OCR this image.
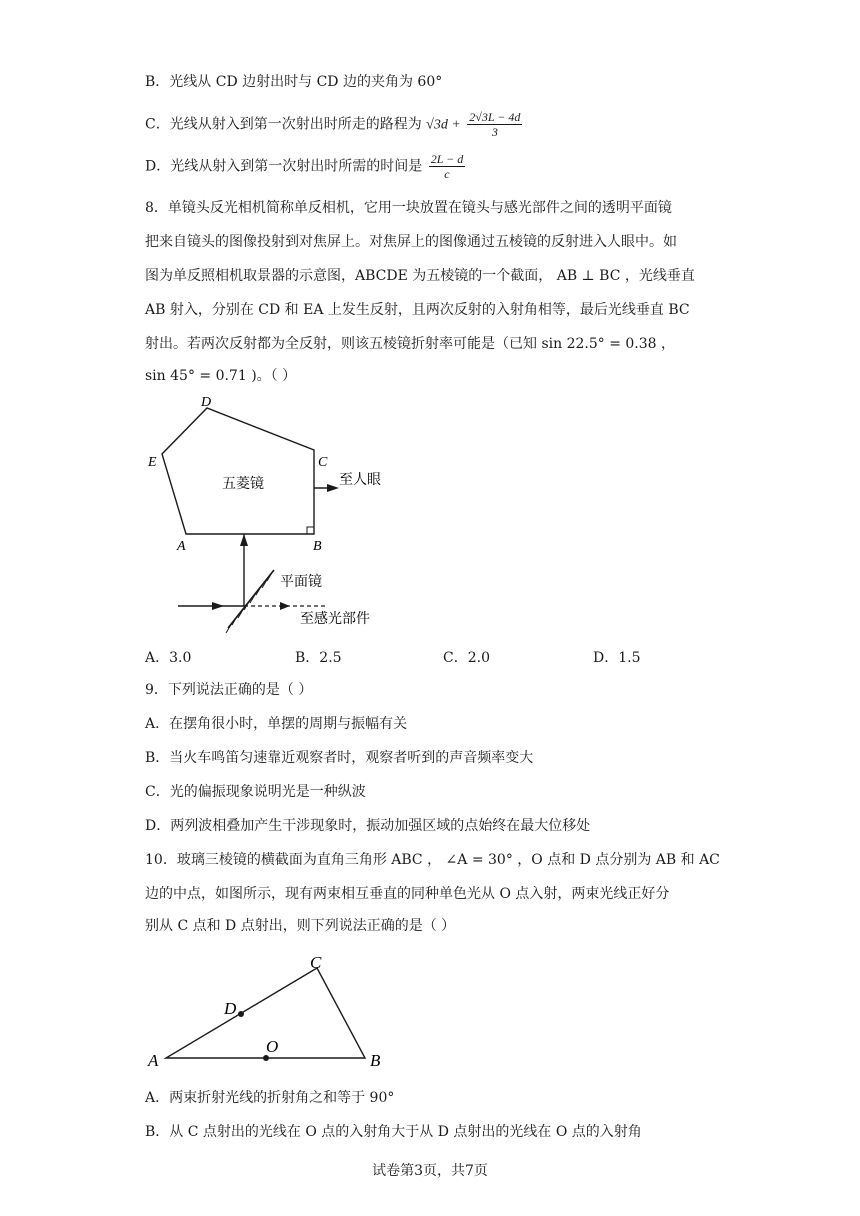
B．光线从 CD 边射出时与 CD 边的夹角为 60°
C．光线从射入到第一次射出时所走的路程为 $√3d + \frac{2√3L - 4d}{3}$
D．光线从射入到第一次射出时所需的时间是 $\frac{2L - d}{c}$
8．单镜头反光相机简称单反相机，它用一块放置在镜头与感光部件之间的透明平面镜
把来自镜头的图像投射到对焦屏上。对焦屏上的图像通过五棱镜的反射进入人眼中。如
图为单反照相机取景器的示意图，ABCDE 为五棱镜的一个截面， AB ⊥ BC ，光线垂直
AB 射入，分别在 CD 和 EA 上发生反射，且两次反射的入射角相等，最后光线垂直 BC
射出。若两次反射都为全反射，则该五棱镜折射率可能是（已知 sin 22.5° = 0.38 ，
sin 45° = 0.71 )。（ ）
D
E	C
A	B
五菱镜	至人眼
平面镜
至感光部件
A．3.0	B．2.5	C．2.0	D．1.5
9．下列说法正确的是（ ）
A．在摆角很小时，单摆的周期与振幅有关
B．当火车鸣笛匀速靠近观察者时，观察者听到的声音频率变大
C．光的偏振现象说明光是一种纵波
D．两列波相叠加产生干涉现象时，振动加强区域的点始终在最大位移处
10．玻璃三棱镜的横截面为直角三角形 ABC ， ∠A = 30° ，O 点和 D 点分别为 AB 和 AC
边的中点，如图所示，现有两束相互垂直的同种单色光从 O 点入射，两束光线正好分
别从 C 点和 D 点射出，则下列说法正确的是（ ）
A	B
C
D
O
A．两束折射光线的折射角之和等于 90°
B．从 C 点射出的光线在 O 点的入射角大于从 D 点射出的光线在 O 点的入射角
试卷第3页，共7页
